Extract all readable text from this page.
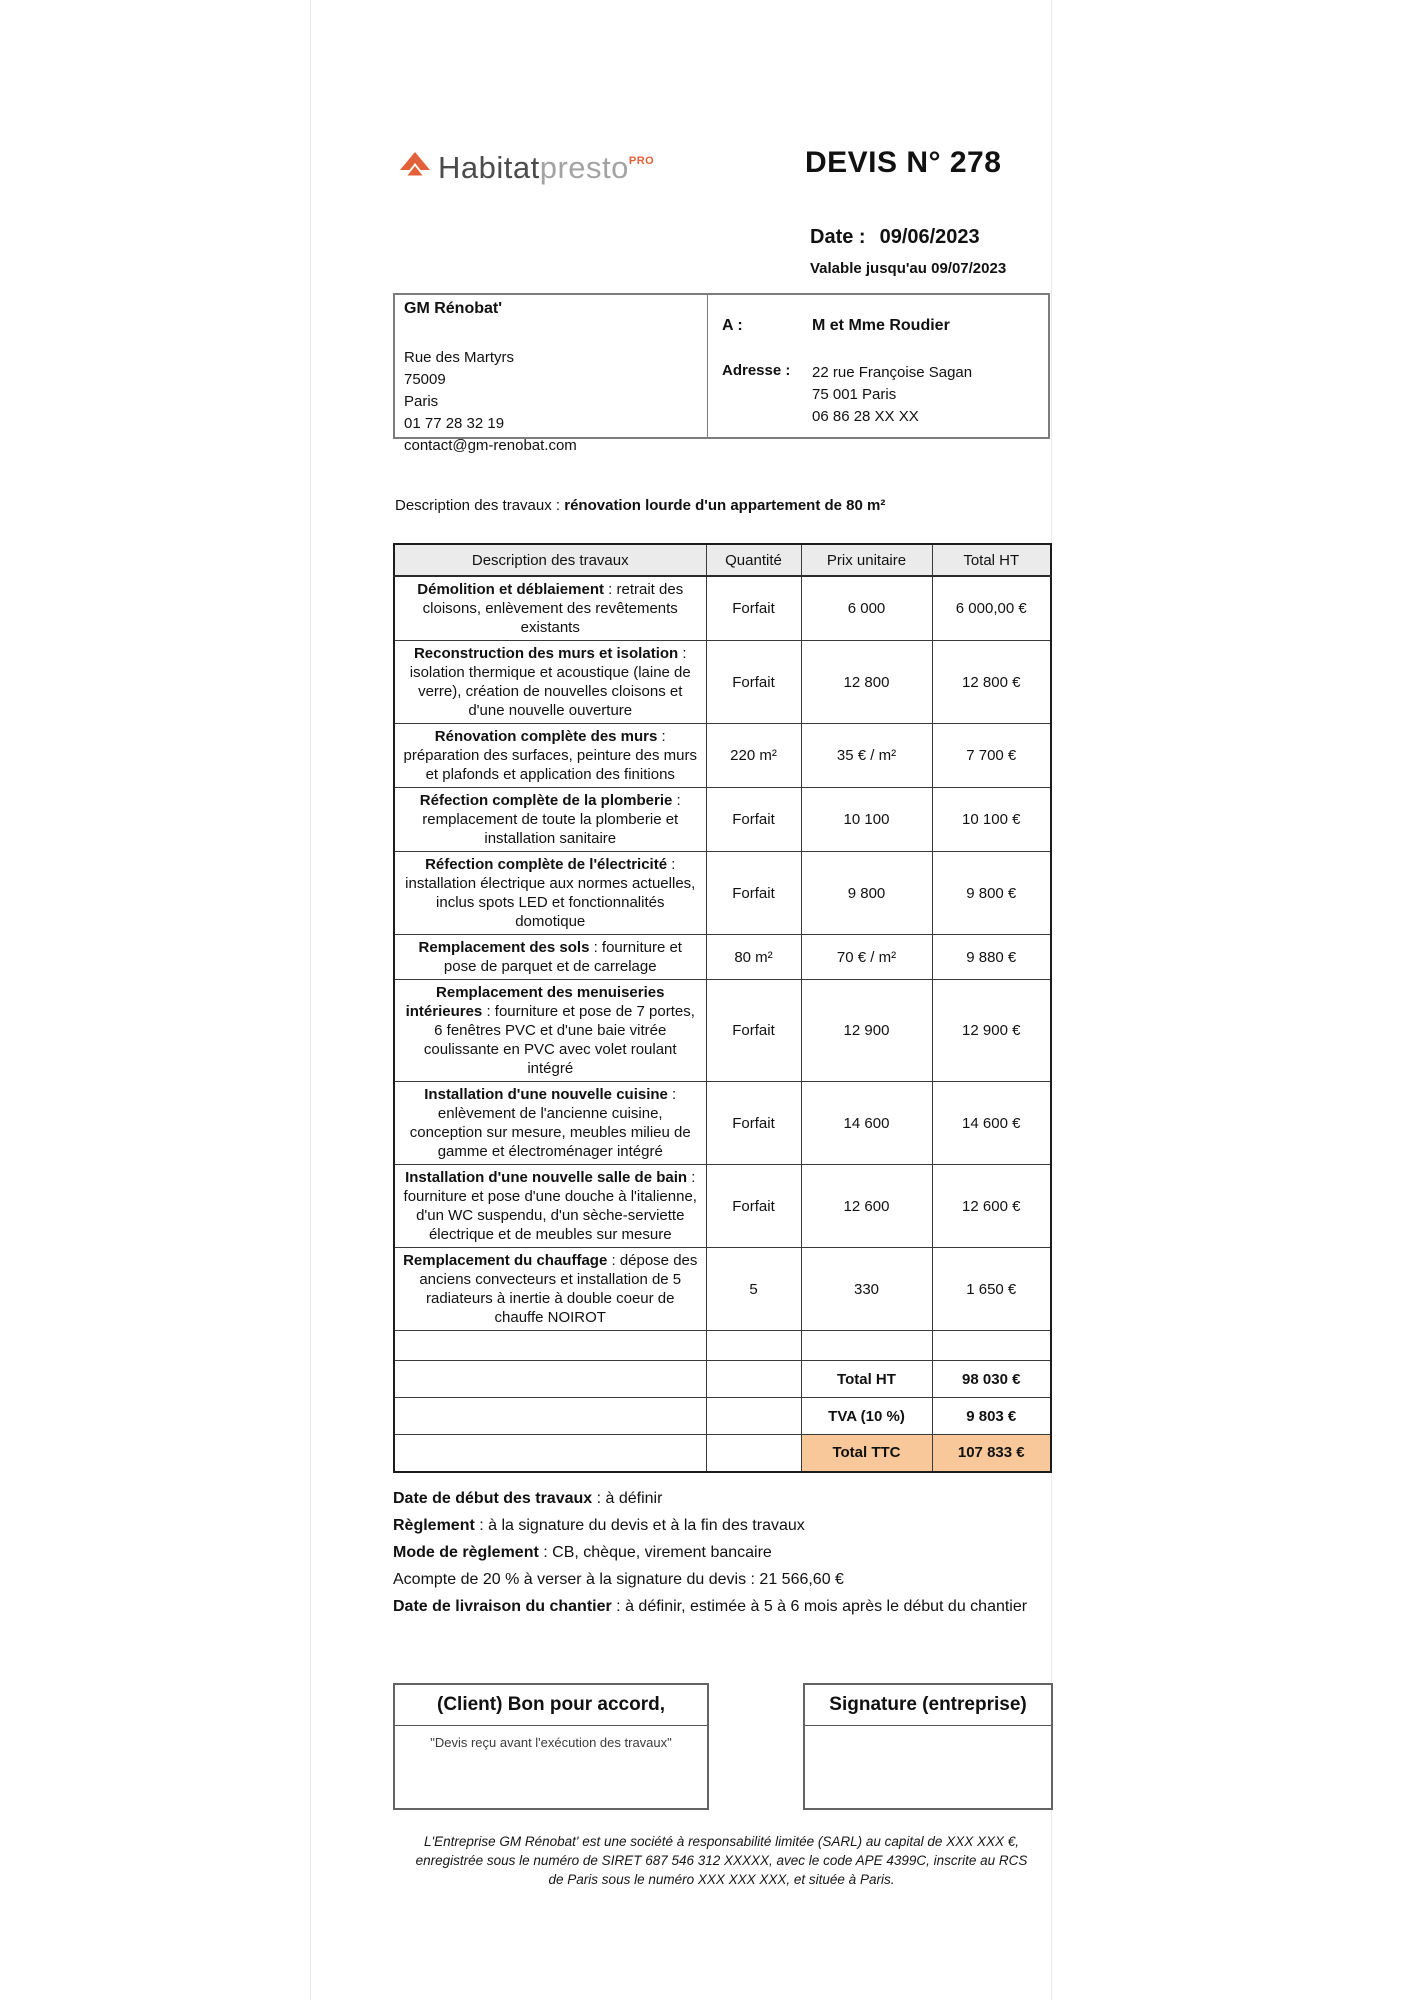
Habitatpresto$^{PRO}$	DEVIS N° 278
Date : 09/06/2023
Valable jusqu'au 09/07/2023
GM Rénobat'
Rue des Martyrs
75009
Paris
01 77 28 32 19
contact@gm-renobat.com
A :	M et Mme Roudier
Adresse : 22 rue Françoise Sagan
75 001 Paris
06 86 28 XX XX
Description des travaux : rénovation lourde d'un appartement de 80 m²
Description des travaux	Quantité	Prix unitaire	Total HT
Démolition et déblaiement : retrait des cloisons, enlèvement des revêtements existants	Forfait	6 000	6 000,00 €
Reconstruction des murs et isolation : isolation thermique et acoustique (laine de verre), création de nouvelles cloisons et d'une nouvelle ouverture	Forfait	12 800	12 800 €
Rénovation complète des murs : préparation des surfaces, peinture des murs et plafonds et application des finitions	220 m²	35 € / m²	7 700 €
Réfection complète de la plomberie : remplacement de toute la plomberie et installation sanitaire	Forfait	10 100	10 100 €
Réfection complète de l'électricité : installation électrique aux normes actuelles, inclus spots LED et fonctionnalités domotique	Forfait	9 800	9 800 €
Remplacement des sols : fourniture et pose de parquet et de carrelage	80 m²	70 € / m²	9 880 €
Remplacement des menuiseries intérieures : fourniture et pose de 7 portes, 6 fenêtres PVC et d'une baie vitrée coulissante en PVC avec volet roulant intégré	Forfait	12 900	12 900 €
Installation d'une nouvelle cuisine : enlèvement de l'ancienne cuisine, conception sur mesure, meubles milieu de gamme et électroménager intégré	Forfait	14 600	14 600 €
Installation d'une nouvelle salle de bain : fourniture et pose d'une douche à l'italienne, d'un WC suspendu, d'un sèche-serviette électrique et de meubles sur mesure	Forfait	12 600	12 600 €
Remplacement du chauffage : dépose des anciens convecteurs et installation de 5 radiateurs à inertie à double coeur de chauffe NOIROT	5	330	1 650 €

		Total HT	98 030 €
		TVA (10 %)	9 803 €
		Total TTC	107 833 €
Date de début des travaux : à définir
Règlement : à la signature du devis et à la fin des travaux
Mode de règlement : CB, chèque, virement bancaire
Acompte de 20 % à verser à la signature du devis : 21 566,60 €
Date de livraison du chantier : à définir, estimée à 5 à 6 mois après le début du chantier
(Client) Bon pour accord,
"Devis reçu avant l'exécution des travaux"
Signature (entreprise)
L'Entreprise GM Rénobat' est une société à responsabilité limitée (SARL) au capital de XXX XXX €, enregistrée sous le numéro de SIRET 687 546 312 XXXXX, avec le code APE 4399C, inscrite au RCS de Paris sous le numéro XXX XXX XXX, et située à Paris.
